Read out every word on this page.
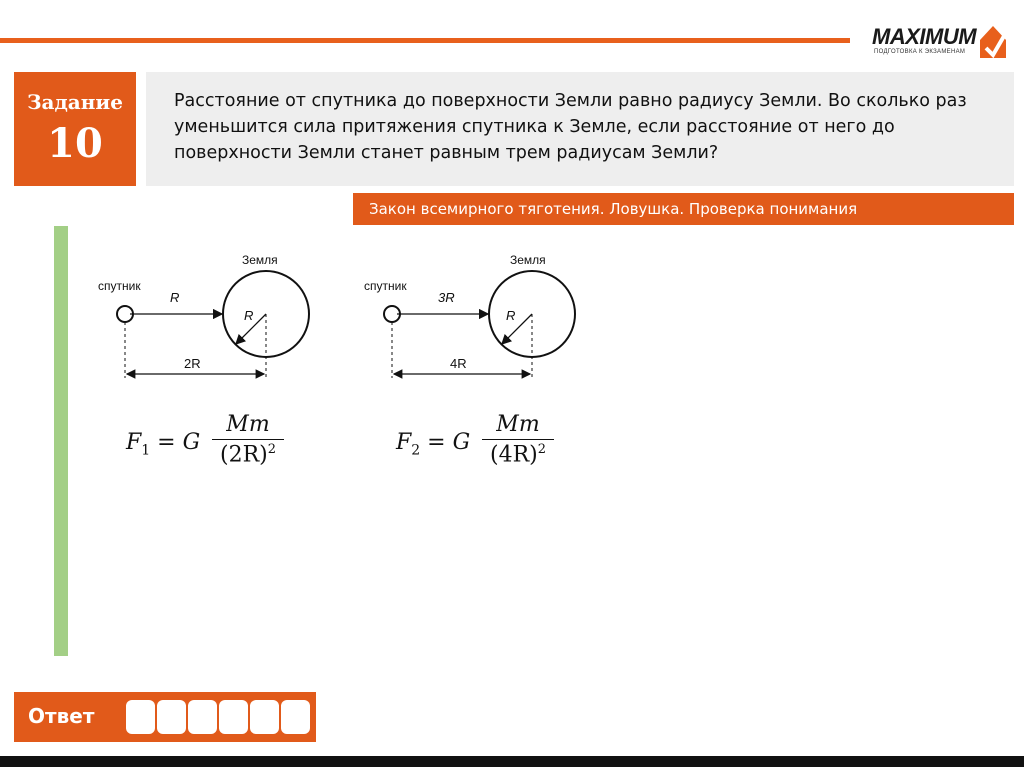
MAXIMUM
ПОДГОТОВКА К ЭКЗАМЕНАМ
Задание
10
Расстояние от спутника до поверхности Земли равно радиусу Земли. Во сколько раз уменьшится сила притяжения спутника к Земле, если расстояние от него до поверхности Земли станет равным трем радиусам Земли?
Закон всемирного тяготения. Ловушка. Проверка понимания
спутник
Земля
R
R
2R
спутник
Земля
3R
R
4R
$F_1 = G \frac{Mm}{(2R)^2}$	$F_2 = G \frac{Mm}{(4R)^2}$
Ответ
